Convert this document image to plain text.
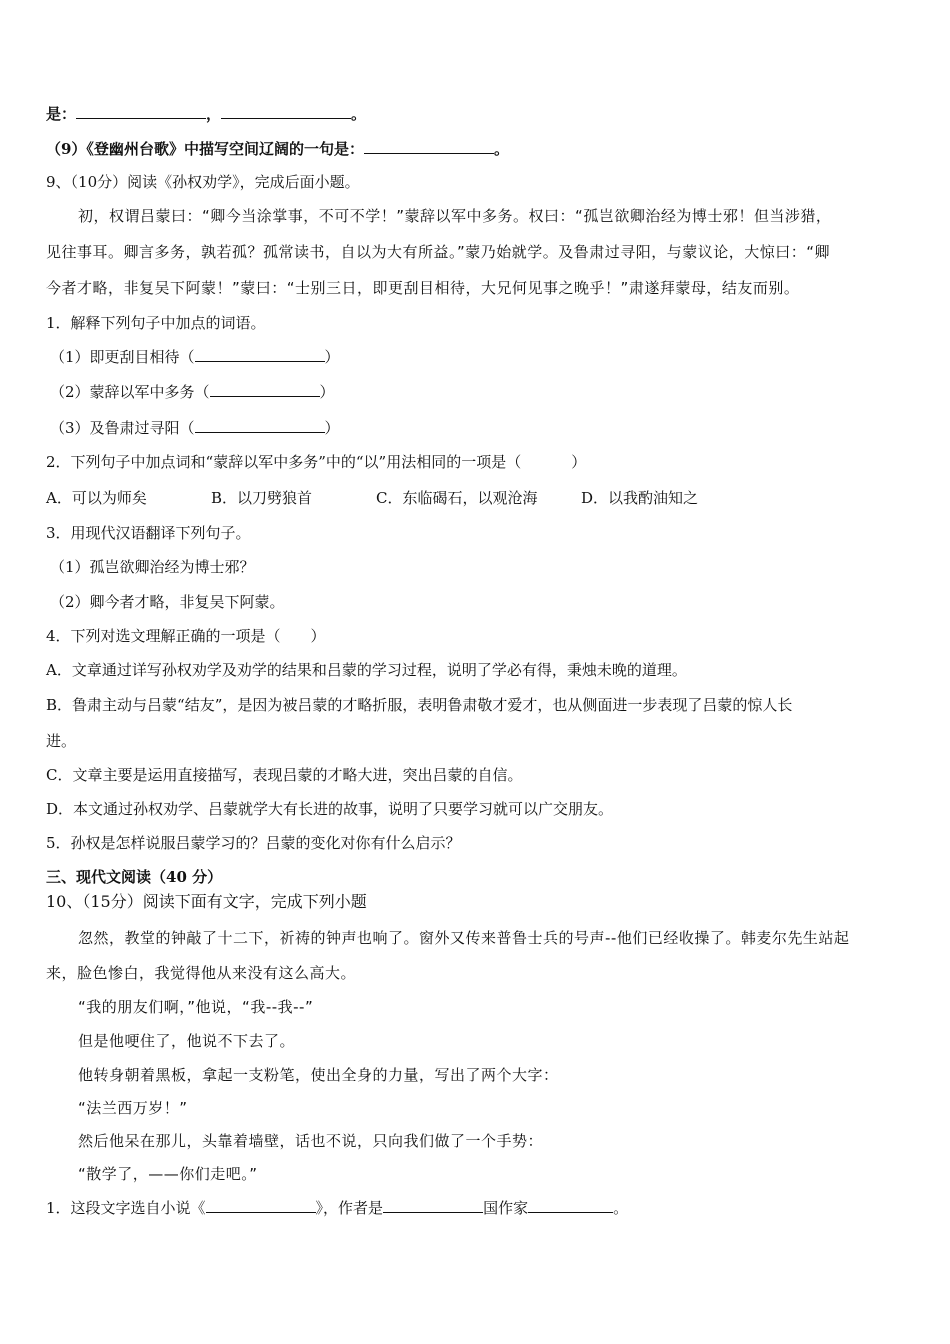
是：	，	。
（9）《登幽州台歌》中描写空间辽阔的一句是：	。
9、（10分）阅读《孙权劝学》，完成后面小题。
初，权谓吕蒙曰：“卿今当涂掌事，不可不学！”蒙辞以军中多务。权曰：“孤岂欲卿治经为博士邪！但当涉猎，
见往事耳。卿言多务，孰若孤？孤常读书，自以为大有所益。”蒙乃始就学。及鲁肃过寻阳，与蒙议论，大惊曰：“卿
今者才略，非复吴下阿蒙！”蒙曰：“士别三日，即更刮目相待，大兄何见事之晚乎！”肃遂拜蒙母，结友而别。
1．解释下列句子中加点的词语。
（1）即更刮目相待（	）
（2）蒙辞以军中多务（	）
（3）及鲁肃过寻阳（	）
2．下列句子中加点词和“蒙辞以军中多务”中的“以”用法相同的一项是（	）
A．可以为师矣	B．以刀劈狼首	C．东临碣石，以观沧海	D．以我酌油知之
3．用现代汉语翻译下列句子。
（1）孤岂欲卿治经为博士邪？
（2）卿今者才略，非复吴下阿蒙。
4．下列对选文理解正确的一项是（　　）
A．文章通过详写孙权劝学及劝学的结果和吕蒙的学习过程，说明了学必有得，秉烛未晚的道理。
B．鲁肃主动与吕蒙“结友”，是因为被吕蒙的才略折服，表明鲁肃敬才爱才，也从侧面进一步表现了吕蒙的惊人长
进。
C．文章主要是运用直接描写，表现吕蒙的才略大进，突出吕蒙的自信。
D．本文通过孙权劝学、吕蒙就学大有长进的故事，说明了只要学习就可以广交朋友。
5．孙权是怎样说服吕蒙学习的？吕蒙的变化对你有什么启示？
三、现代文阅读（40 分）
10、（15分）阅读下面有文字，完成下列小题
忽然，教堂的钟敲了十二下，祈祷的钟声也响了。窗外又传来普鲁士兵的号声--他们已经收操了。韩麦尔先生站起
来，脸色惨白，我觉得他从来没有这么高大。
“我的朋友们啊，”他说，“我--我--”
但是他哽住了，他说不下去了。
他转身朝着黑板，拿起一支粉笔，使出全身的力量，写出了两个大字：
“法兰西万岁！”
然后他呆在那儿，头靠着墙壁，话也不说，只向我们做了一个手势：
“散学了，——你们走吧。”
1．这段文字选自小说《	》，作者是	国作家	。
